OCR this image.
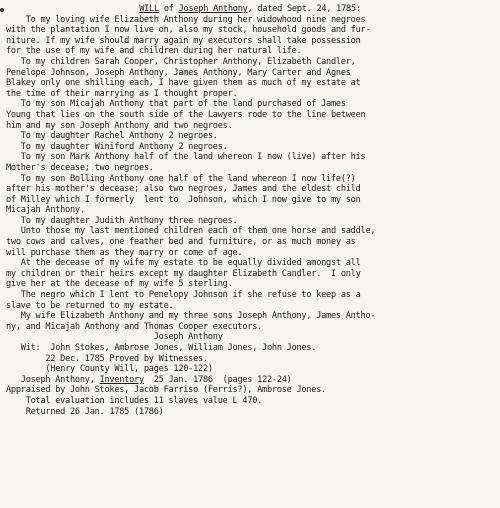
WILL of Joseph Anthony, dated Sept. 24, 1785:
To my loving wife Elizabeth Anthony during her widowhood nine negroes
with the plantation I now live on, also my stock, household goods and fur-
niture. If my wife should marry again my executors shall take possession
for the use of my wife and children during her natural life.
To my children Sarah Cooper, Christopher Anthony, Elizabeth Candler,
Penelope Johnson, Joseph Anthony, James Anthony, Mary Carter and Agnes
Blakey only one shilling each, I have given them as much of my estate at
the time of their marrying as I thought proper.
To my son Micajah Anthony that part of the land purchased of James
Young that lies on the south side of the Lawyers rode to the line between
him and my son Joseph Anthony and two negroes.
To my daughter Rachel Anthony 2 negroes.
To my daughter Winiford Anthony 2 negroes.
To my son Mark Anthony half of the land whereon I now (live) after his
Mother's decease; two negroes.
To my son Bolling Anthony one half of the land whereon I now life(?)
after his mother's decease; also two negroes, James and the eldest child
of Milley which I formerly  lent to  Johnson, which I now give to my son
Micajah Anthony.
To my daughter Judith Anthony three negroes.
Unto those my last mentioned children each of them one horse and saddle,
two cows and calves, one feather bed and furniture, or as much money as
will purchase them as they marry or come of age.
At the decease of my wife my estate to be equally divided amongst all
my children or their heirs except my daughter Elizabeth Candler.  I only
give her at the decease of my wife 5 sterling.
The negro which I lent to Penelopy Johnson if she refuse to keep as a
slave to be returned to my estate.
My wife Elizabeth Anthony and my three sons Joseph Anthony, James Antho-
ny, and Micajah Anthony and Thomas Cooper executors.
Joseph Anthony
Wit:  John Stokes, Ambrose Jones, William Jones, John Jones.
22 Dec. 1785 Proved by Witnesses.
(Henry County Will, pages 120-122)
Joseph Anthony, Inventory  25 Jan. 1786  (pages 122-24)
Appraised by John Stokes, Jacob Farriso (Ferris?), Ambrose Jones.
Total evaluation includes 11 slaves value L 470.
Returned 26 Jan. 1785 (1786)
